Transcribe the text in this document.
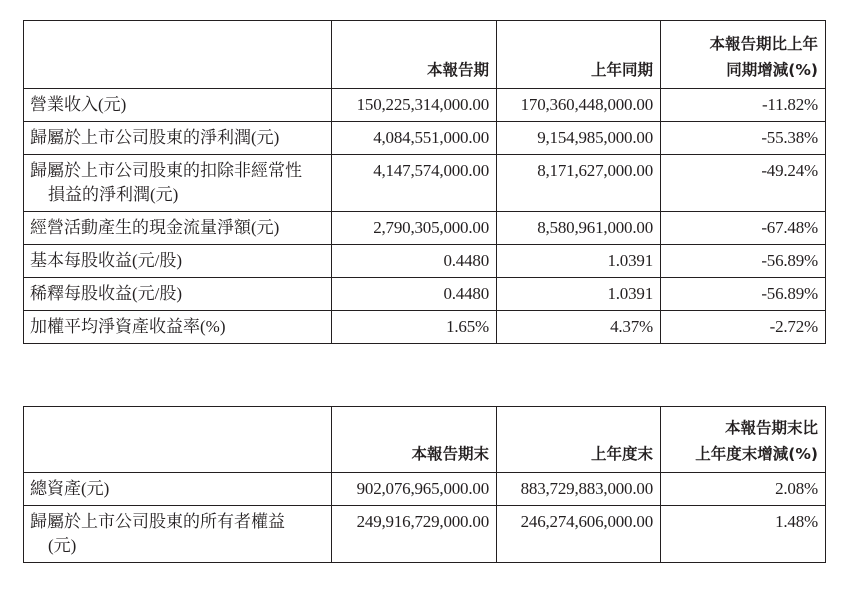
	本報告期	上年同期	本報告期比上年
同期增減(%)
營業收入(元)	150,225,314,000.00	170,360,448,000.00	-11.82%
歸屬於上市公司股東的淨利潤(元)	4,084,551,000.00	9,154,985,000.00	-55.38%
歸屬於上市公司股東的扣除非經常性
損益的淨利潤(元)	4,147,574,000.00	8,171,627,000.00	-49.24%
經營活動產生的現金流量淨額(元)	2,790,305,000.00	8,580,961,000.00	-67.48%
基本每股收益(元/股)	0.4480	1.0391	-56.89%
稀釋每股收益(元/股)	0.4480	1.0391	-56.89%
加權平均淨資產收益率(%)	1.65%	4.37%	-2.72%
	本報告期末	上年度末	本報告期末比
上年度末增減(%)
總資產(元)	902,076,965,000.00	883,729,883,000.00	2.08%
歸屬於上市公司股東的所有者權益
(元)	249,916,729,000.00	246,274,606,000.00	1.48%
